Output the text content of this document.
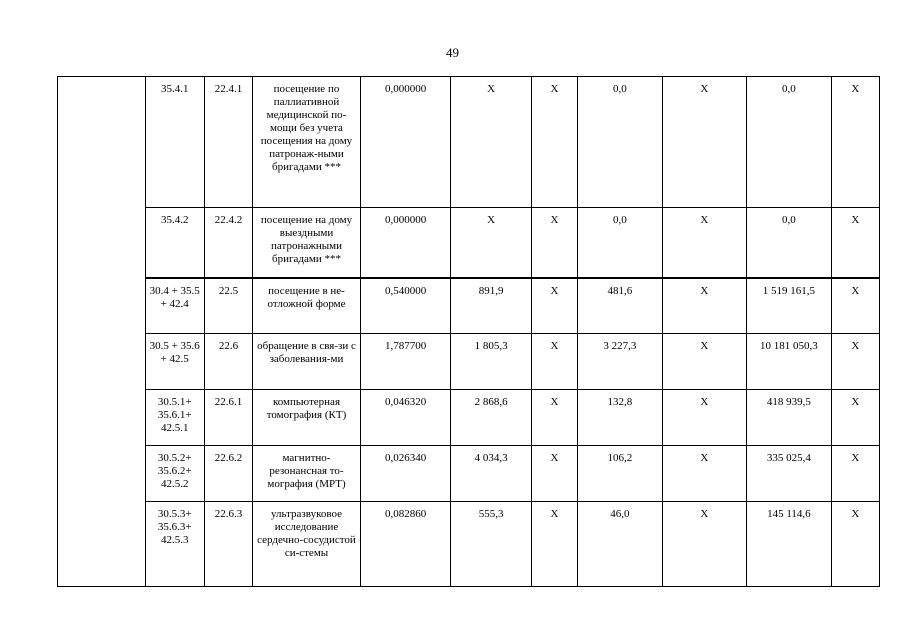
49
	35.4.1	22.4.1	посещение по паллиативной медицинской по-мощи без учета посещения на дому патронаж-ными бригадами ***	0,000000	Х	Х	0,0	Х	0,0	Х
	35.4.2	22.4.2	посещение на дому выездными патронажными бригадами ***	0,000000	Х	Х	0,0	Х	0,0	Х
	30.4 + 35.5 + 42.4	22.5	посещение в не-отложной форме	0,540000	891,9	Х	481,6	Х	1 519 161,5	Х
	30.5 + 35.6 + 42.5	22.6	обращение в свя-зи с заболевания-ми	1,787700	1 805,3	Х	3 227,3	Х	10 181 050,3	Х
	30.5.1+ 35.6.1+ 42.5.1	22.6.1	компьютерная томография (КТ)	0,046320	2 868,6	Х	132,8	Х	418 939,5	Х
	30.5.2+ 35.6.2+ 42.5.2	22.6.2	магнитно-резонансная то-мография (МРТ)	0,026340	4 034,3	Х	106,2	Х	335 025,4	Х
	30.5.3+ 35.6.3+ 42.5.3	22.6.3	ультразвуковое исследование сердечно-сосудистой си-стемы	0,082860	555,3	Х	46,0	Х	145 114,6	Х
